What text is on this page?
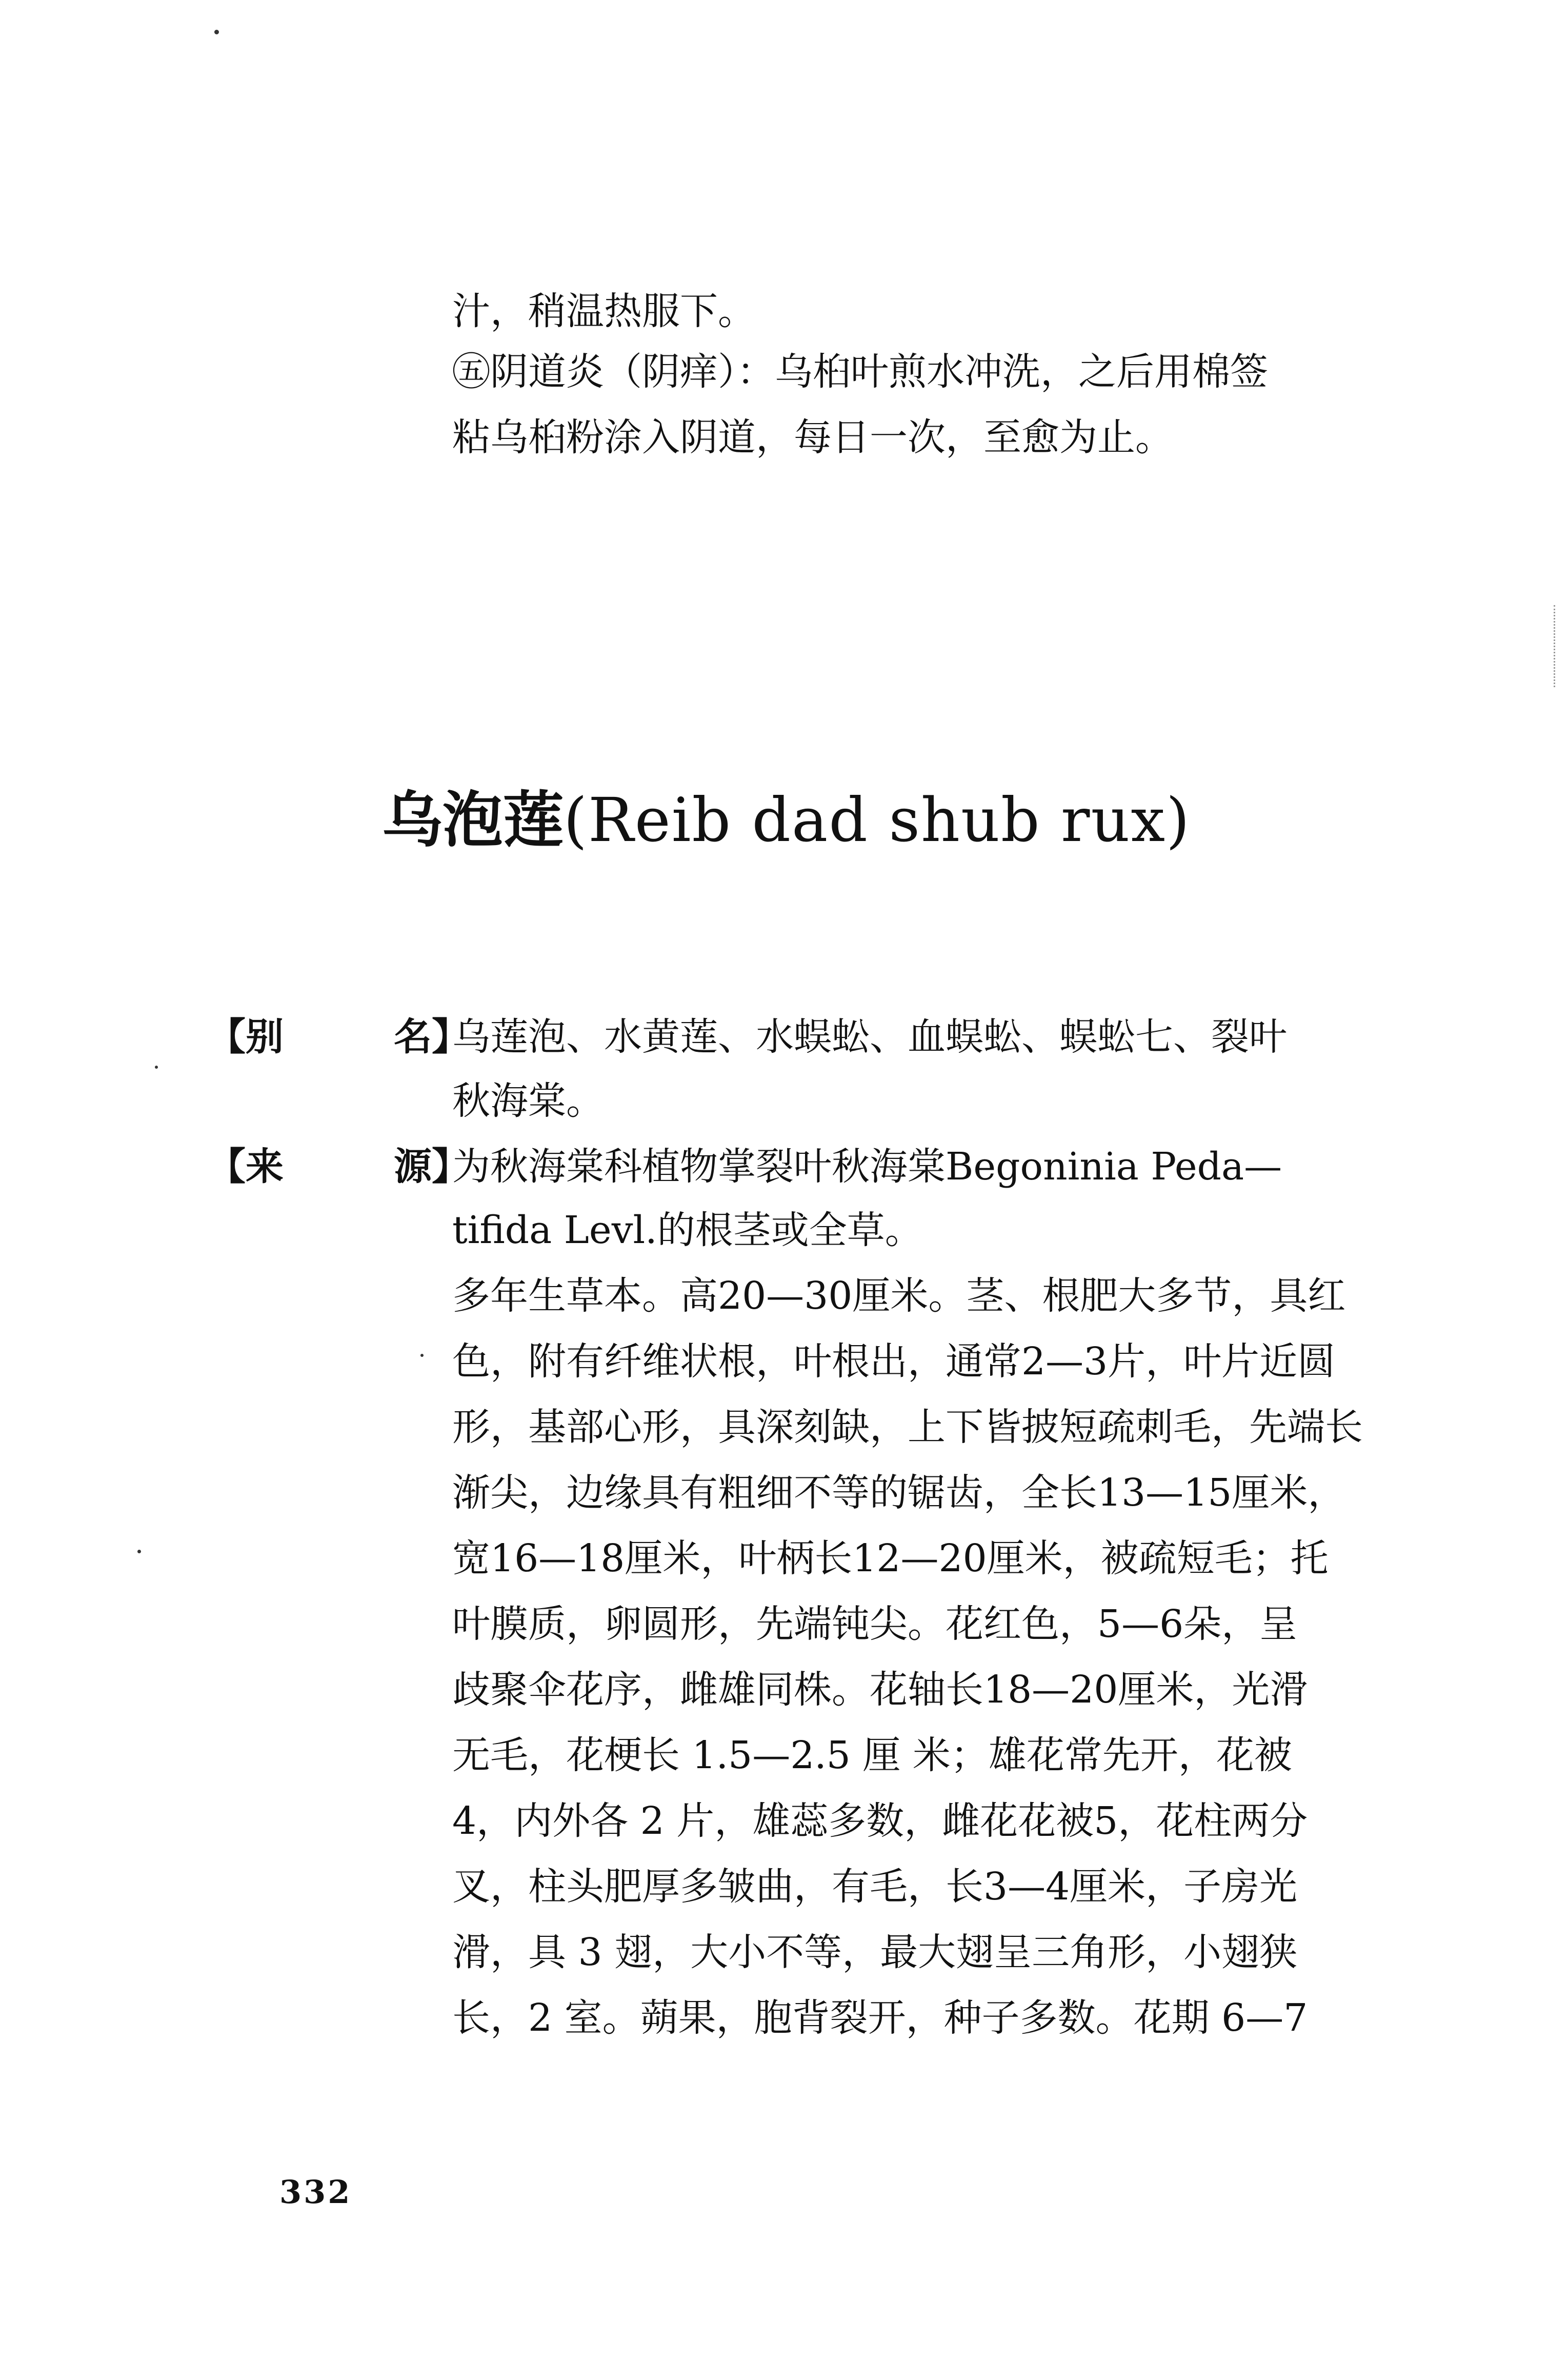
汁，稍温热服下。
㊄阴道炎（阴痒）：乌桕叶煎水冲洗，之后用棉签
粘乌桕粉涂入阴道，每日一次，至愈为止。
乌泡莲(Reib dad shub rux)
【别	名】
乌莲泡、水黄莲、水蜈蚣、血蜈蚣、蜈蚣七、裂叶
秋海棠。
【来	源】
为秋海棠科植物掌裂叶秋海棠Begoninia Peda—
tifida Levl.的根茎或全草。
多年生草本。高20—30厘米。茎、根肥大多节，具红
色，附有纤维状根，叶根出，通常2—3片，叶片近圆
形，基部心形，具深刻缺，上下皆披短疏刺毛，先端长
渐尖，边缘具有粗细不等的锯齿，全长13—15厘米，
宽16—18厘米，叶柄长12—20厘米，被疏短毛；托
叶膜质，卵圆形，先端钝尖。花红色，5—6朵，呈
歧聚伞花序，雌雄同株。花轴长18—20厘米，光滑
无毛，花梗长 1.5—2.5 厘 米；雄花常先开，花被
4，内外各 2 片，雄蕊多数，雌花花被5，花柱两分
叉，柱头肥厚多皱曲，有毛，长3—4厘米，子房光
滑，具 3 翅，大小不等，最大翅呈三角形，小翅狭
长，2 室。蒴果，胞背裂开，种子多数。花期 6—7
332
